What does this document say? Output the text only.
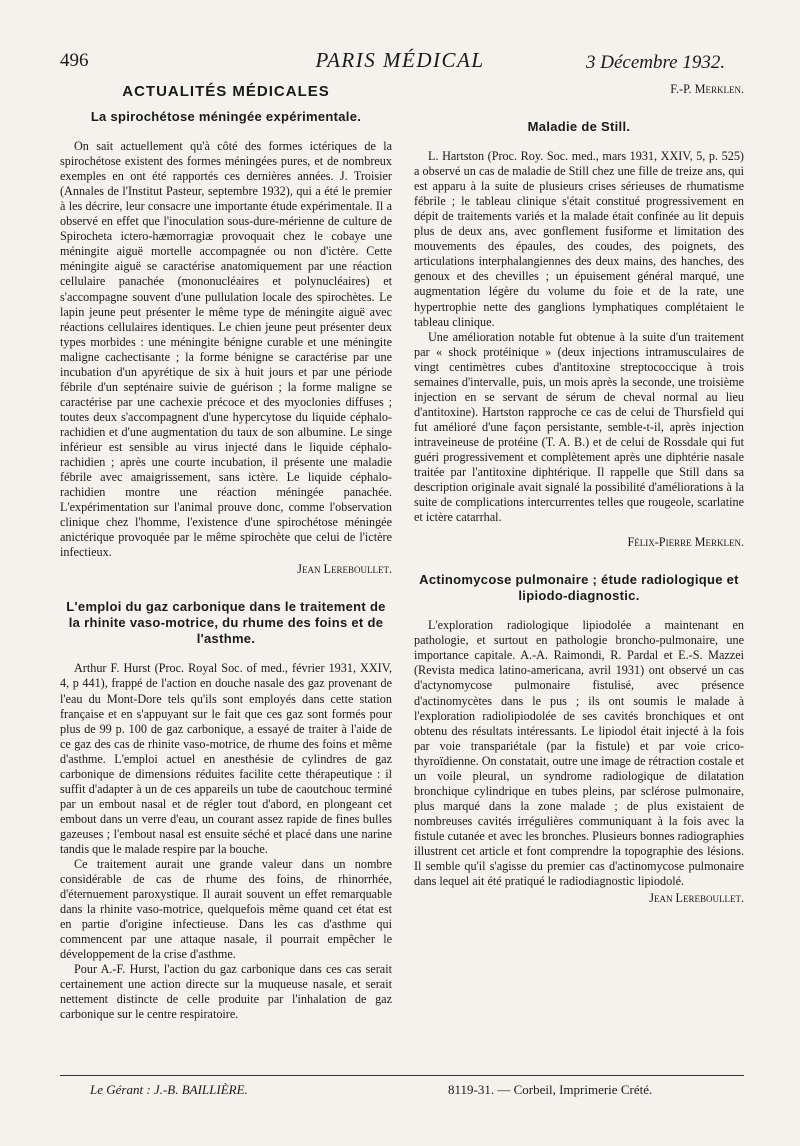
496	PARIS MÉDICAL	3 Décembre 1932.
ACTUALITÉS MÉDICALES
La spirochétose méningée expérimentale.

On sait actuellement qu'à côté des formes ictériques de la spirochétose existent des formes méningées pures, et de nombreux exemples en ont été rapportés ces dernières années. J. Troisier (Annales de l'Institut Pasteur, septembre 1932), qui a été le premier à les décrire, leur consacre une importante étude expérimentale. Il a observé en effet que l'inoculation sous-dure-mérienne de culture de Spirocheta ictero-hæmorragiæ provoquait chez le cobaye une méningite aiguë mortelle accompagnée ou non d'ictère. Cette méningite aiguë se caractérise anatomiquement par une réaction cellulaire panachée (mononucléaires et polynucléaires) et s'accompagne souvent d'une pullulation locale des spirochètes. Le lapin jeune peut présenter le même type de méningite aiguë avec réactions cellulaires identiques. Le chien jeune peut présenter deux types morbides : une méningite bénigne curable et une méningite maligne cachectisante ; la forme bénigne se caractérise par une incubation d'un apyrétique de six à huit jours et par une période fébrile d'un septénaire suivie de guérison ; la forme maligne se caractérise par une cachexie précoce et des myoclonies diffuses ; toutes deux s'accompagnent d'une hypercytose du liquide céphalo-rachidien et d'une augmentation du taux de son albumine. Le singe inférieur est sensible au virus injecté dans le liquide céphalo-rachidien ; après une courte incubation, il présente une maladie fébrile avec amaigrissement, sans ictère. Le liquide céphalo-rachidien montre une réaction méningée panachée. L'expérimentation sur l'animal prouve donc, comme l'observation clinique chez l'homme, l'existence d'une spirochétose méningée anictérique provoquée par le même spirochète que celui de l'ictère infectieux.

Jean Lereboullet.
L'emploi du gaz carbonique dans le traitement de la rhinite vaso-motrice, du rhume des foins et de l'asthme.

Arthur F. Hurst (Proc. Royal Soc. of med., février 1931, XXIV, 4, p 441), frappé de l'action en douche nasale des gaz provenant de l'eau du Mont-Dore tels qu'ils sont employés dans cette station française et en s'appuyant sur le fait que ces gaz sont formés pour plus de 99 p. 100 de gaz carbonique, a essayé de traiter à l'aide de ce gaz des cas de rhinite vaso-motrice, de rhume des foins et même d'asthme. L'emploi actuel en anesthésie de cylindres de gaz carbonique de dimensions réduites facilite cette thérapeutique : il suffit d'adapter à un de ces appareils un tube de caoutchouc terminé par un embout nasal et de régler tout d'abord, en plongeant cet embout dans un verre d'eau, un courant assez rapide de fines bulles gazeuses ; l'embout nasal est ensuite séché et placé dans une narine tandis que le malade respire par la bouche.

Ce traitement aurait une grande valeur dans un nombre considérable de cas de rhume des foins, de rhinorrhée, d'éternuement paroxystique. Il aurait souvent un effet remarquable dans la rhinite vaso-motrice, quelquefois même quand cet état est en partie d'origine infectieuse. Dans les cas d'asthme qui commencent par une attaque nasale, il pourrait empêcher le développement de la crise d'asthme.

Pour A.-F. Hurst, l'action du gaz carbonique dans ces cas serait certainement une action directe sur la muqueuse nasale, et serait nettement distincte de celle produite par l'inhalation de gaz carbonique sur le centre respiratoire.

F.-P. Merklen.
Maladie de Still.

L. Hartston (Proc. Roy. Soc. med., mars 1931, XXIV, 5, p. 525) a observé un cas de maladie de Still chez une fille de treize ans, qui est apparu à la suite de plusieurs crises sérieuses de rhumatisme fébrile ; le tableau clinique s'était constitué progressivement en dépit de traitements variés et la malade était confinée au lit depuis plus de deux ans, avec gonflement fusiforme et limitation des mouvements des épaules, des coudes, des poignets, des articulations interphalangiennes des deux mains, des hanches, des genoux et des chevilles ; un épuisement général marqué, une augmentation légère du volume du foie et de la rate, une hypertrophie nette des ganglions lymphatiques complétaient le tableau clinique.

Une amélioration notable fut obtenue à la suite d'un traitement par « shock protéinique » (deux injections intramusculaires de vingt centimètres cubes d'antitoxine streptococcique à trois semaines d'intervalle, puis, un mois après la seconde, une troisième injection en se servant de sérum de cheval normal au lieu d'antitoxine). Hartston rapproche ce cas de celui de Thursfield qui fut amélioré d'une façon persistante, semble-t-il, après injection intraveineuse de protéine (T. A. B.) et de celui de Rossdale qui fut guéri progressivement et complètement après une diphtérie nasale traitée par l'antitoxine diphtérique. Il rappelle que Still dans sa description originale avait signalé la possibilité d'améliorations à la suite de complications intercurrentes telles que rougeole, scarlatine et ictère catarrhal.

Félix-Pierre Merklen.
Actinomycose pulmonaire ; étude radiologique et lipiodo-diagnostic.

L'exploration radiologique lipiodolée a maintenant en pathologie, et surtout en pathologie broncho-pulmonaire, une importance capitale. A.-A. Raimondi, R. Pardal et E.-S. Mazzei (Revista medica latino-americana, avril 1931) ont observé un cas d'actynomycose pulmonaire fistulisé, avec présence d'actinomycètes dans le pus ; ils ont soumis le malade à l'exploration radiolipiodolée de ses cavités bronchiques et ont obtenu des résultats intéressants. Le lipiodol était injecté à la fois par voie transpariétale (par la fistule) et par voie crico-thyroïdienne. On constatait, outre une image de rétraction costale et un voile pleural, un syndrome radiologique de dilatation bronchique cylindrique en tubes pleins, par sclérose pulmonaire, plus marqué dans la zone malade ; de plus existaient de nombreuses cavités irrégulières communiquant à la fois avec la fistule cutanée et avec les bronches. Plusieurs bonnes radiographies illustrent cet article et font comprendre la topographie des lésions. Il semble qu'il s'agisse du premier cas d'actinomycose pulmonaire dans lequel ait été pratiqué le radiodiagnostic lipiodolé.

Jean Lereboullet.
Le Gérant : J.-B. BAILLIÈRE.	8119-31. — Corbeil, Imprimerie Crété.
